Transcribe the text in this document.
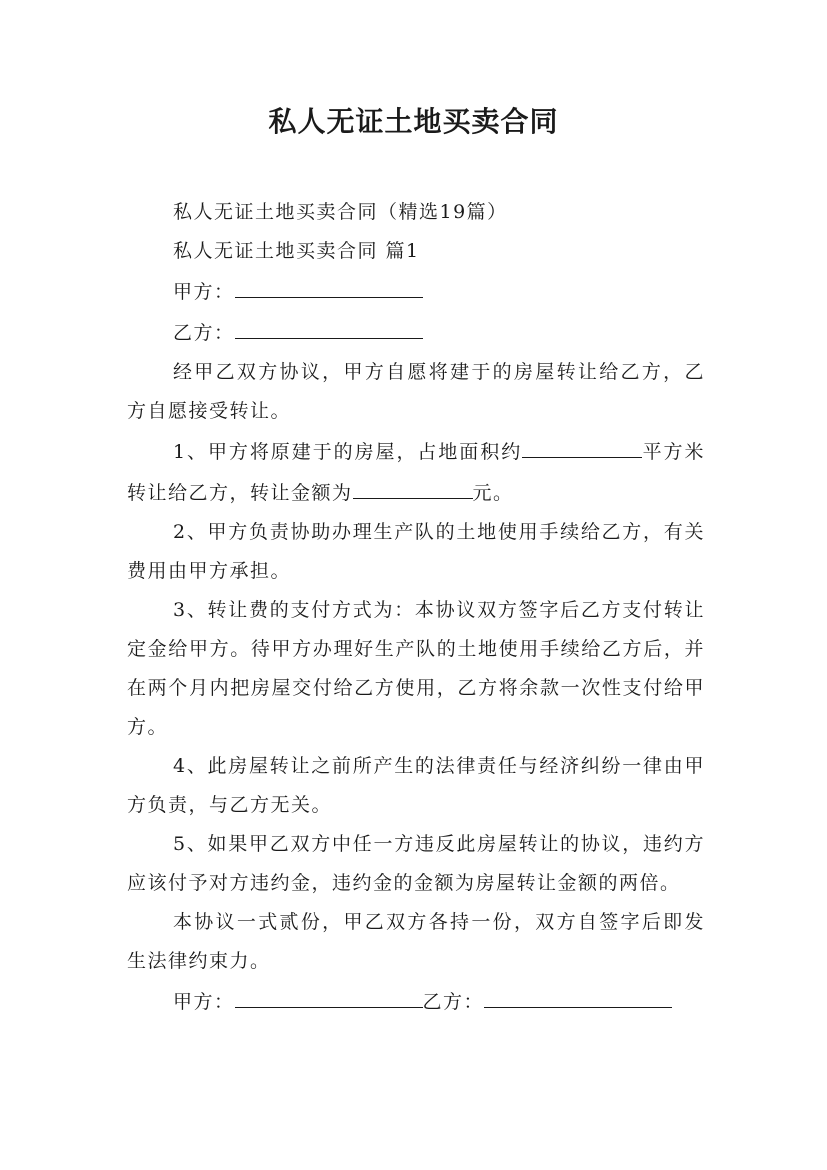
私人无证土地买卖合同

私人无证土地买卖合同（精选19篇）

私人无证土地买卖合同 篇1

甲方：

乙方：

经甲乙双方协议，甲方自愿将建于的房屋转让给乙方，乙方自愿接受转让。

1、甲方将原建于的房屋，占地面积约	平方米转让给乙方，转让金额为	元。

2、甲方负责协助办理生产队的土地使用手续给乙方，有关费用由甲方承担。

3、转让费的支付方式为：本协议双方签字后乙方支付转让定金给甲方。待甲方办理好生产队的土地使用手续给乙方后，并在两个月内把房屋交付给乙方使用，乙方将余款一次性支付给甲方。

4、此房屋转让之前所产生的法律责任与经济纠纷一律由甲方负责，与乙方无关。

5、如果甲乙双方中任一方违反此房屋转让的协议，违约方应该付予对方违约金，违约金的金额为房屋转让金额的两倍。

本协议一式贰份，甲乙双方各持一份，双方自签字后即发生法律约束力。

甲方：	乙方：
